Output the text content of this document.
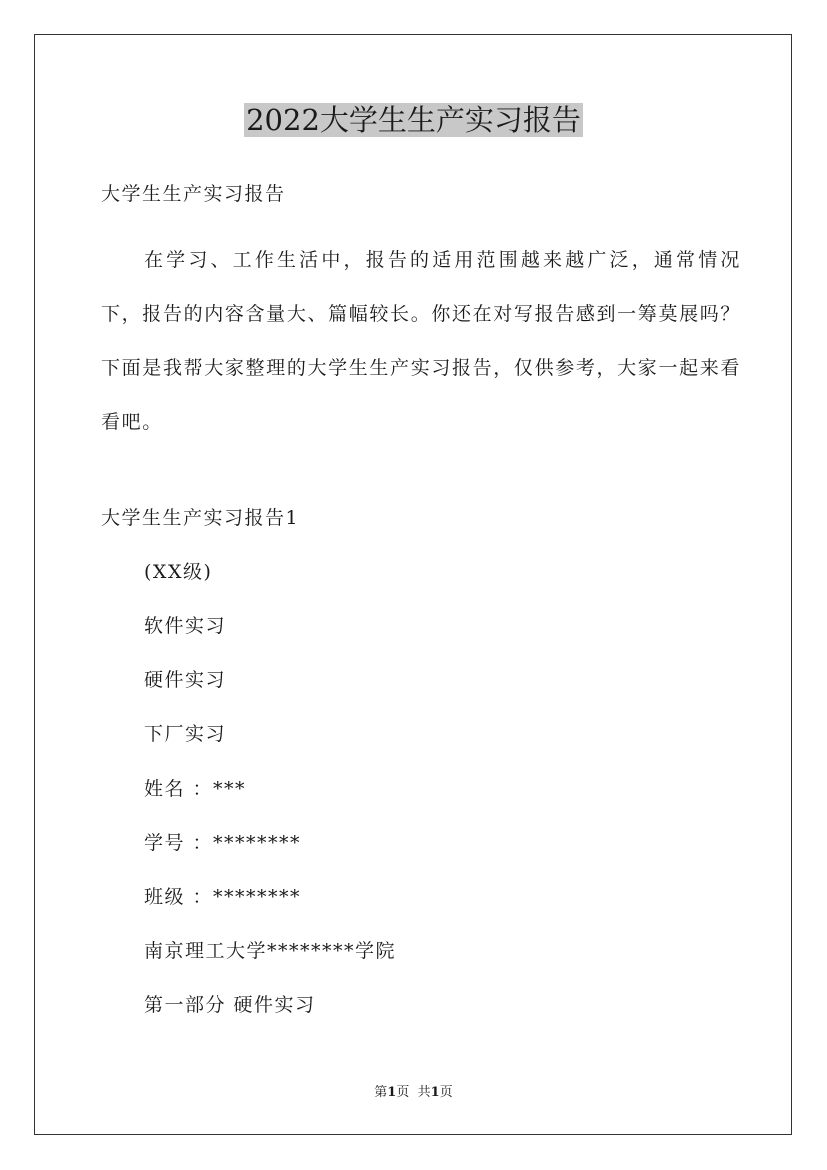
2022大学生生产实习报告
大学生生产实习报告
在学习、工作生活中，报告的适用范围越来越广泛，通常情况下，报告的内容含量大、篇幅较长。你还在对写报告感到一筹莫展吗？下面是我帮大家整理的大学生生产实习报告，仅供参考，大家一起来看看吧。
大学生生产实习报告1
(XX级)
软件实习
硬件实习
下厂实习
姓名 ：***
学号 ：********
班级 ：********
南京理工大学********学院
第一部分 硬件实习
第1页 共1页
